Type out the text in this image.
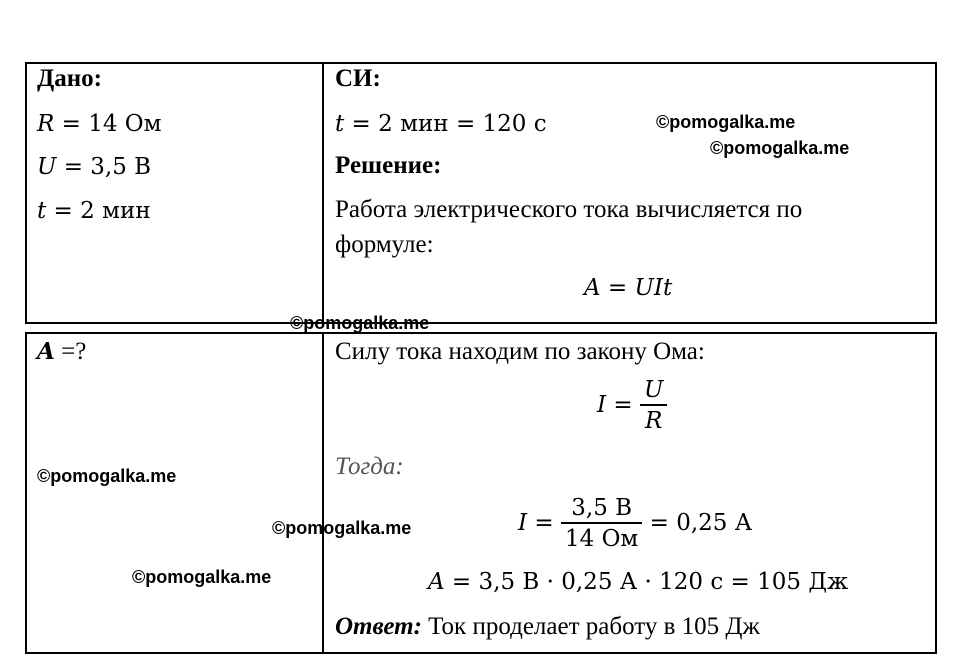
Дано:
R = 14 Ом
U = 3,5 В
t = 2 мин
A =?
СИ:
t = 2 мин = 120 с
Решение:
Работа электрического тока вычисляется по
формуле:
A = UIt
Силу тока находим по закону Ома:
$I = \frac{U}{R}$
Тогда:
$I = \frac{3,5 В}{14 Ом} = 0,25$ А
A = 3,5 В · 0,25 А · 120 с = 105 Дж
Ответ: Ток проделает работу в 105 Дж
©pomogalka.me
©pomogalka.me
©pomogalka.me
©pomogalka.me
©pomogalka.me
©pomogalka.me
